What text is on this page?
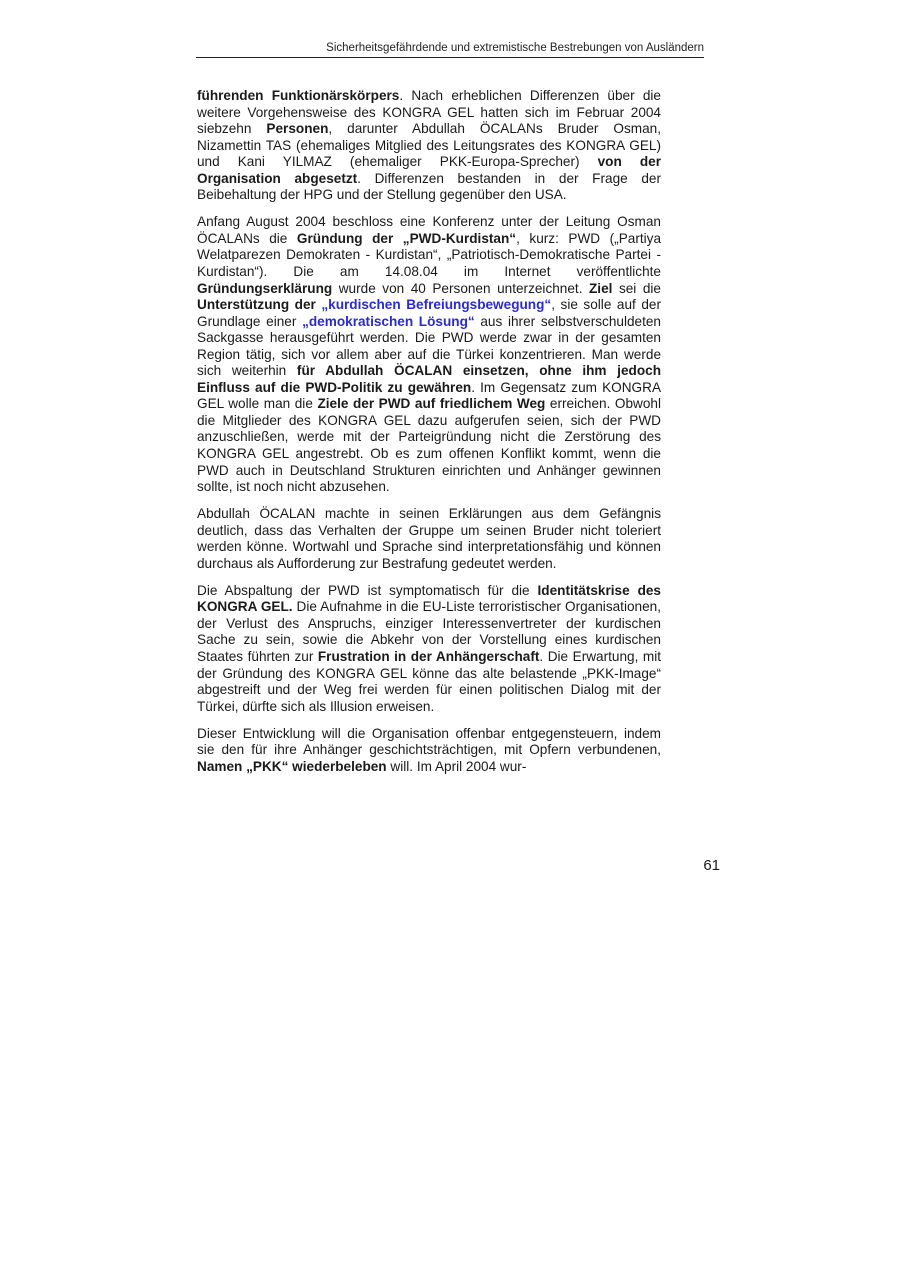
Sicherheitsgefährdende und extremistische Bestrebungen von Ausländern

führenden Funktionärskörpers. Nach erheblichen Differenzen über die weitere Vorgehensweise des KONGRA GEL hatten sich im Februar 2004 siebzehn Personen, darunter Abdullah ÖCALANs Bruder Osman, Nizamettin TAS (ehemaliges Mitglied des Leitungsrates des KONGRA GEL) und Kani YILMAZ (ehemaliger PKK-Europa-Sprecher) von der Organisation abgesetzt. Differenzen bestanden in der Frage der Beibehaltung der HPG und der Stellung gegenüber den USA.

Anfang August 2004 beschloss eine Konferenz unter der Leitung Osman ÖCALANs die Gründung der „PWD-Kurdistan“, kurz: PWD („Partiya Welatparezen Demokraten - Kurdistan“, „Patriotisch-Demokratische Partei - Kurdistan“). Die am 14.08.04 im Internet veröffentlichte Gründungserklärung wurde von 40 Personen unterzeichnet. Ziel sei die Unterstützung der „kurdischen Befreiungsbewegung“, sie solle auf der Grundlage einer „demokratischen Lösung“ aus ihrer selbstverschuldeten Sackgasse herausgeführt werden. Die PWD werde zwar in der gesamten Region tätig, sich vor allem aber auf die Türkei konzentrieren. Man werde sich weiterhin für Abdullah ÖCALAN einsetzen, ohne ihm jedoch Einfluss auf die PWD-Politik zu gewähren. Im Gegensatz zum KONGRA GEL wolle man die Ziele der PWD auf friedlichem Weg erreichen. Obwohl die Mitglieder des KONGRA GEL dazu aufgerufen seien, sich der PWD anzuschließen, werde mit der Parteigründung nicht die Zerstörung des KONGRA GEL angestrebt. Ob es zum offenen Konflikt kommt, wenn die PWD auch in Deutschland Strukturen einrichten und Anhänger gewinnen sollte, ist noch nicht abzusehen.

Abdullah ÖCALAN machte in seinen Erklärungen aus dem Gefängnis deutlich, dass das Verhalten der Gruppe um seinen Bruder nicht toleriert werden könne. Wortwahl und Sprache sind interpretationsfähig und können durchaus als Aufforderung zur Bestrafung gedeutet werden.

Die Abspaltung der PWD ist symptomatisch für die Identitätskrise des KONGRA GEL. Die Aufnahme in die EU-Liste terroristischer Organisationen, der Verlust des Anspruchs, einziger Interessenvertreter der kurdischen Sache zu sein, sowie die Abkehr von der Vorstellung eines kurdischen Staates führten zur Frustration in der Anhängerschaft. Die Erwartung, mit der Gründung des KONGRA GEL könne das alte belastende „PKK-Image“ abgestreift und der Weg frei werden für einen politischen Dialog mit der Türkei, dürfte sich als Illusion erweisen.

Dieser Entwicklung will die Organisation offenbar entgegensteuern, indem sie den für ihre Anhänger geschichtsträchtigen, mit Opfern verbundenen, Namen „PKK“ wiederbeleben will. Im April 2004 wur-

61
